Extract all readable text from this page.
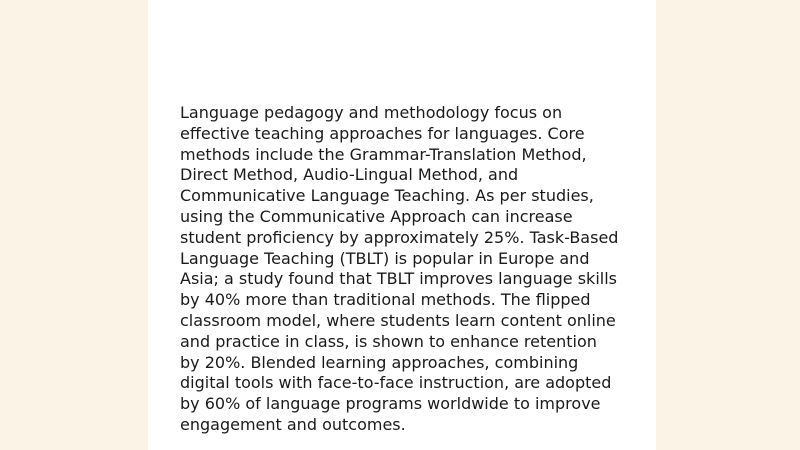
Language pedagogy and methodology focus on effective teaching approaches for languages. Core methods include the Grammar-Translation Method, Direct Method, Audio-Lingual Method, and Communicative Language Teaching. As per studies, using the Communicative Approach can increase student proficiency by approximately 25%. Task-Based Language Teaching (TBLT) is popular in Europe and Asia; a study found that TBLT improves language skills by 40% more than traditional methods. The flipped classroom model, where students learn content online and practice in class, is shown to enhance retention by 20%. Blended learning approaches, combining digital tools with face-to-face instruction, are adopted by 60% of language programs worldwide to improve engagement and outcomes.
